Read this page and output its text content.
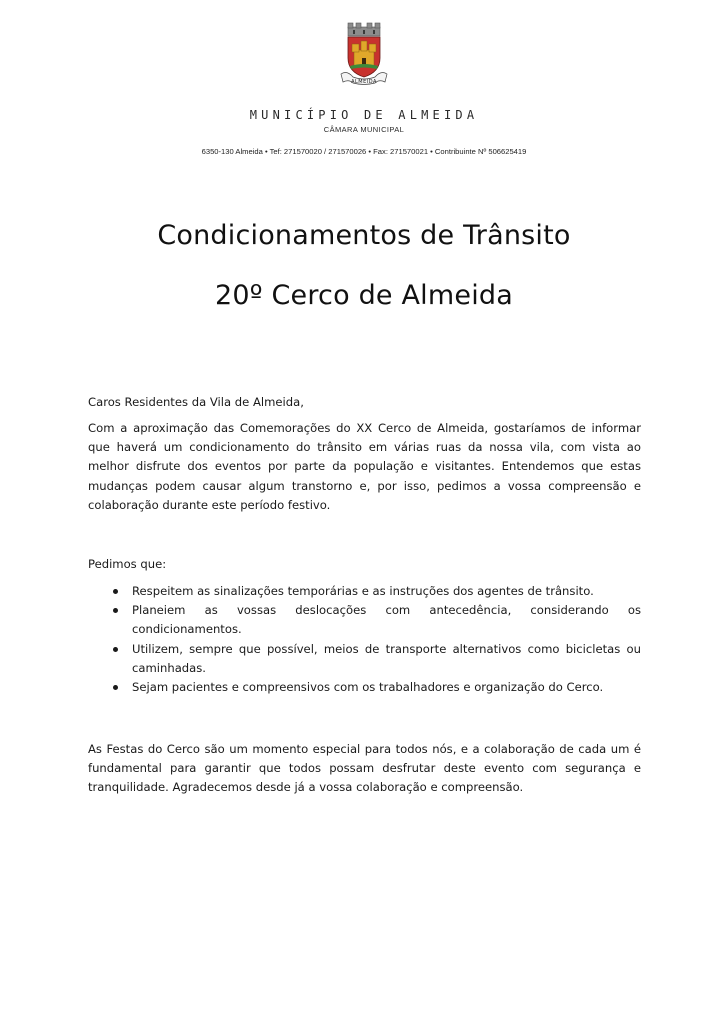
ALMEIDA
MUNICÍPIO DE ALMEIDA
CÂMARA MUNICIPAL
6350-130 Almeida • Tef: 271570020 / 271570026 • Fax: 271570021 • Contribuinte Nº 506625419
Condicionamentos de Trânsito
20º Cerco de Almeida
Caros Residentes da Vila de Almeida,
Com a aproximação das Comemorações do XX Cerco de Almeida, gostaríamos de informar que haverá um condicionamento do trânsito em várias ruas da nossa vila, com vista ao melhor disfrute dos eventos por parte da população e visitantes. Entendemos que estas mudanças podem causar algum transtorno e, por isso, pedimos a vossa compreensão e colaboração durante este período festivo.
Pedimos que:
Respeitem as sinalizações temporárias e as instruções dos agentes de trânsito.
Planeiem as vossas deslocações com antecedência, considerando os condicionamentos.
Utilizem, sempre que possível, meios de transporte alternativos como bicicletas ou caminhadas.
Sejam pacientes e compreensivos com os trabalhadores e organização do Cerco.
As Festas do Cerco são um momento especial para todos nós, e a colaboração de cada um é fundamental para garantir que todos possam desfrutar deste evento com segurança e tranquilidade. Agradecemos desde já a vossa colaboração e compreensão.
